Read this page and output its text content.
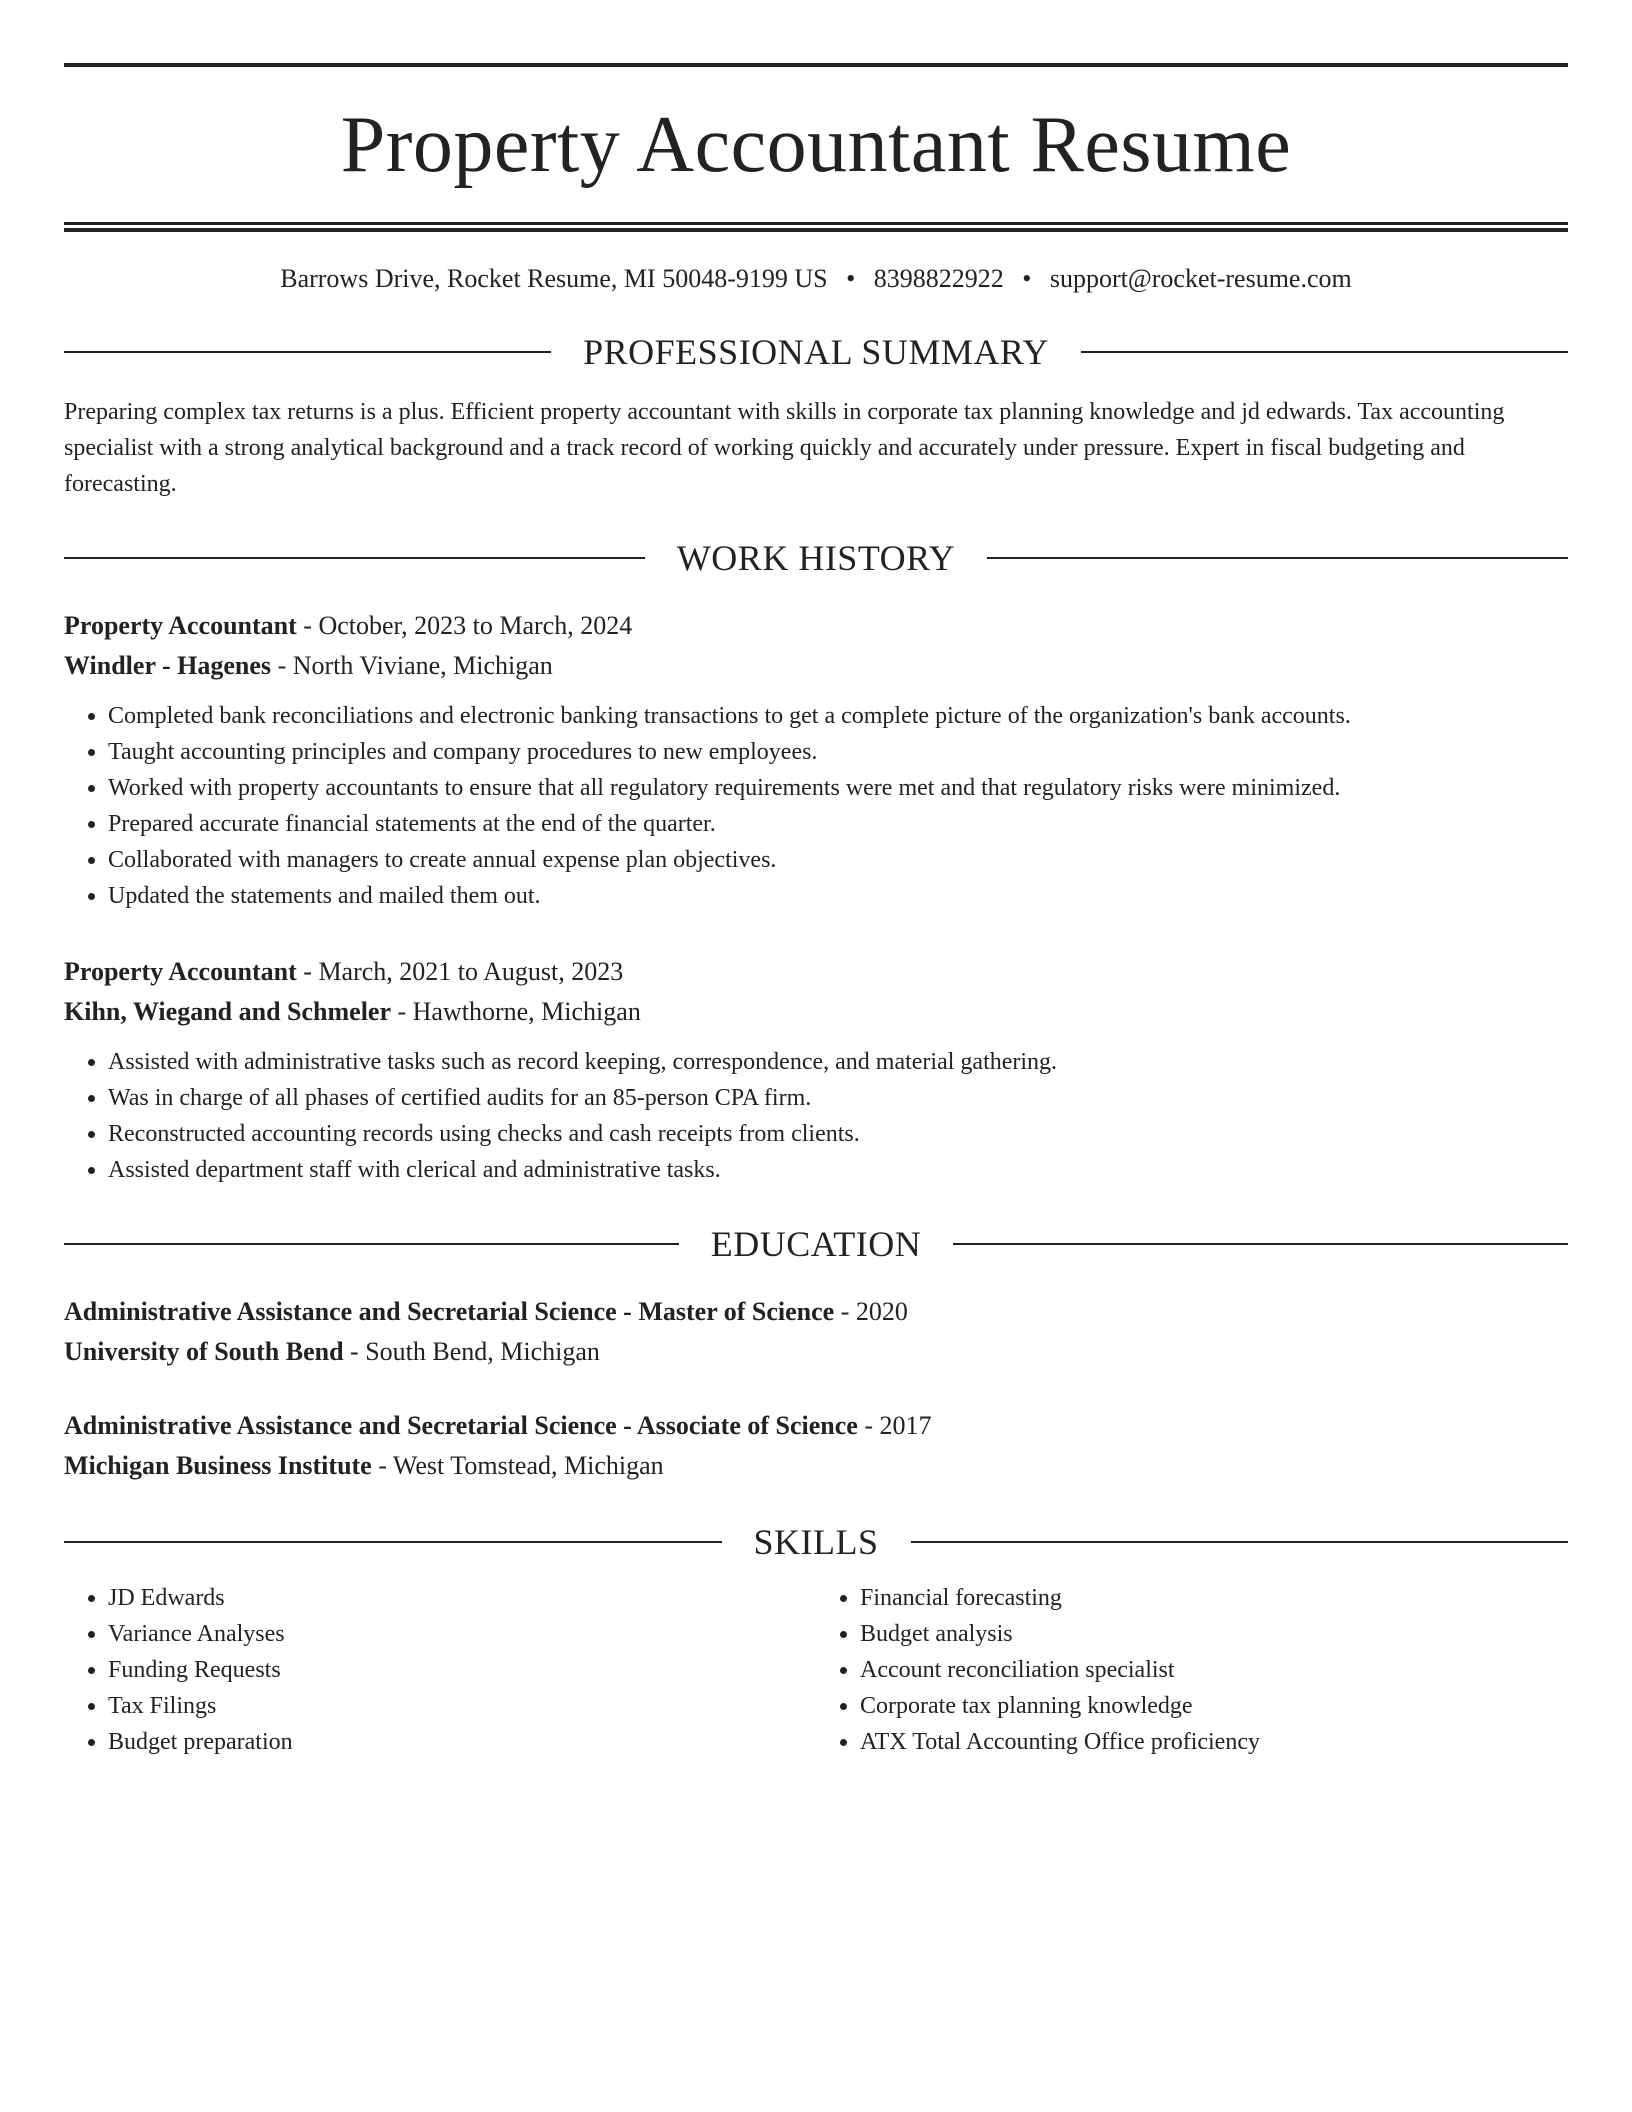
Property Accountant Resume
Barrows Drive, Rocket Resume, MI 50048-9199 US • 8398822922 • support@rocket-resume.com
PROFESSIONAL SUMMARY
Preparing complex tax returns is a plus. Efficient property accountant with skills in corporate tax planning knowledge and jd edwards. Tax accounting specialist with a strong analytical background and a track record of working quickly and accurately under pressure. Expert in fiscal budgeting and forecasting.
WORK HISTORY
Property Accountant - October, 2023 to March, 2024
Windler - Hagenes - North Viviane, Michigan
• Completed bank reconciliations and electronic banking transactions to get a complete picture of the organization's bank accounts.
• Taught accounting principles and company procedures to new employees.
• Worked with property accountants to ensure that all regulatory requirements were met and that regulatory risks were minimized.
• Prepared accurate financial statements at the end of the quarter.
• Collaborated with managers to create annual expense plan objectives.
• Updated the statements and mailed them out.
Property Accountant - March, 2021 to August, 2023
Kihn, Wiegand and Schmeler - Hawthorne, Michigan
• Assisted with administrative tasks such as record keeping, correspondence, and material gathering.
• Was in charge of all phases of certified audits for an 85-person CPA firm.
• Reconstructed accounting records using checks and cash receipts from clients.
• Assisted department staff with clerical and administrative tasks.
EDUCATION
Administrative Assistance and Secretarial Science - Master of Science - 2020
University of South Bend - South Bend, Michigan
Administrative Assistance and Secretarial Science - Associate of Science - 2017
Michigan Business Institute - West Tomstead, Michigan
SKILLS
• JD Edwards
• Variance Analyses
• Funding Requests
• Tax Filings
• Budget preparation
• Financial forecasting
• Budget analysis
• Account reconciliation specialist
• Corporate tax planning knowledge
• ATX Total Accounting Office proficiency
